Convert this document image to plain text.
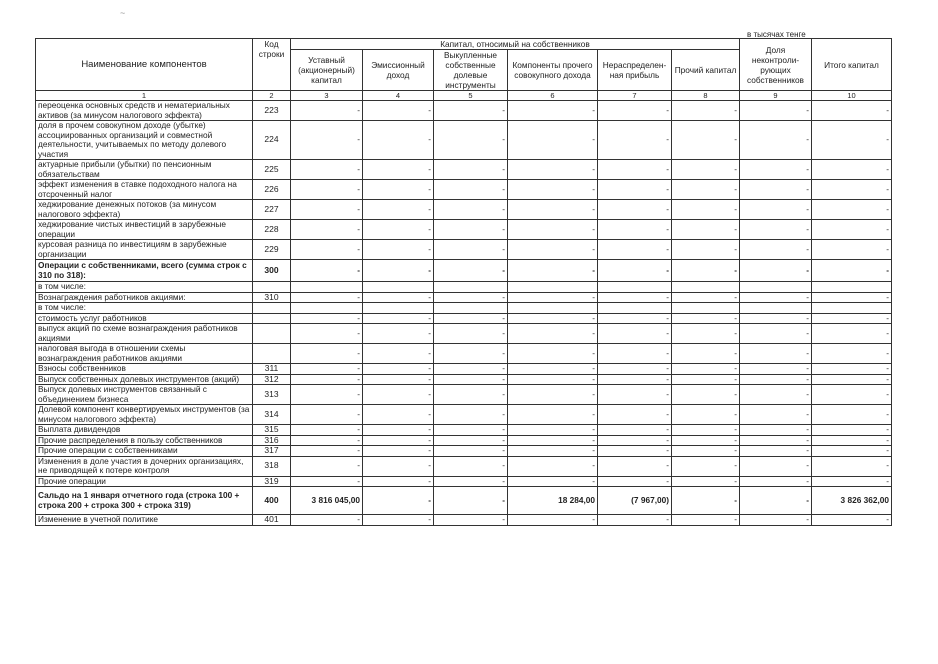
в тысячах тенге
Наименование компонентов	Код строки	Капитал, относимый на собственников						Доля неконтроли-рующих собственников	Итого капитал
		Уставный (акционерный) капитал	Эмиссионный доход	Выкупленные собственные долевые инструменты	Компоненты прочего совокупного дохода	Нераспределен-ная прибыль	Прочий капитал		
1	2	3	4	5	6	7	8	9	10
переоценка основных средств и нематериальных активов (за минусом налогового эффекта)	223	-	-	-	-	-	-	-	-
доля в прочем совокупном доходе (убытке) ассоциированных организаций и совместной деятельности, учитываемых по методу долевого участия	224	-	-	-	-	-	-	-	-
актуарные прибыли (убытки) по пенсионным обязательствам	225	-	-	-	-	-	-	-	-
эффект изменения в ставке подоходного налога на отсроченный налог	226	-	-	-	-	-	-	-	-
хеджирование денежных потоков (за минусом налогового эффекта)	227	-	-	-	-	-	-	-	-
хеджирование чистых инвестиций в зарубежные операции	228	-	-	-	-	-	-	-	-
курсовая разница по инвестициям в зарубежные организации	229	-	-	-	-	-	-	-	-
Операции с собственниками, всего (сумма строк с 310 по 318):	300	-	-	-	-	-	-	-	-
в том числе:									
Вознаграждения работников акциями:	310	-	-	-	-	-	-	-	-
в том числе:									
стоимость услуг работников		-	-	-	-	-	-	-	-
выпуск акций по схеме вознаграждения работников акциями		-	-	-	-	-	-	-	-
налоговая выгода в отношении схемы вознаграждения работников акциями		-	-	-	-	-	-	-	-
Взносы собственников	311	-	-	-	-	-	-	-	-
Выпуск собственных долевых инструментов (акций)	312	-	-	-	-	-	-	-	-
Выпуск долевых инструментов связанный с объединением бизнеса	313	-	-	-	-	-	-	-	-
Долевой компонент конвертируемых инструментов (за минусом налогового эффекта)	314	-	-	-	-	-	-	-	-
Выплата дивидендов	315	-	-	-	-	-	-	-	-
Прочие распределения в пользу собственников	316	-	-	-	-	-	-	-	-
Прочие операции с собственниками	317	-	-	-	-	-	-	-	-
Изменения в доле участия в дочерних организациях, не приводящей к потере контроля	318	-	-	-	-	-	-	-	-
Прочие операции	319	-	-	-	-	-	-	-	-
Сальдо на 1 января отчетного года (строка 100 + строка 200 + строка 300 + строка 319)	400	3 816 045,00	-	-	18 284,00	(7 967,00)	-	-	3 826 362,00
Изменение в учетной политике	401	-	-	-	-	-	-	-	-
~
